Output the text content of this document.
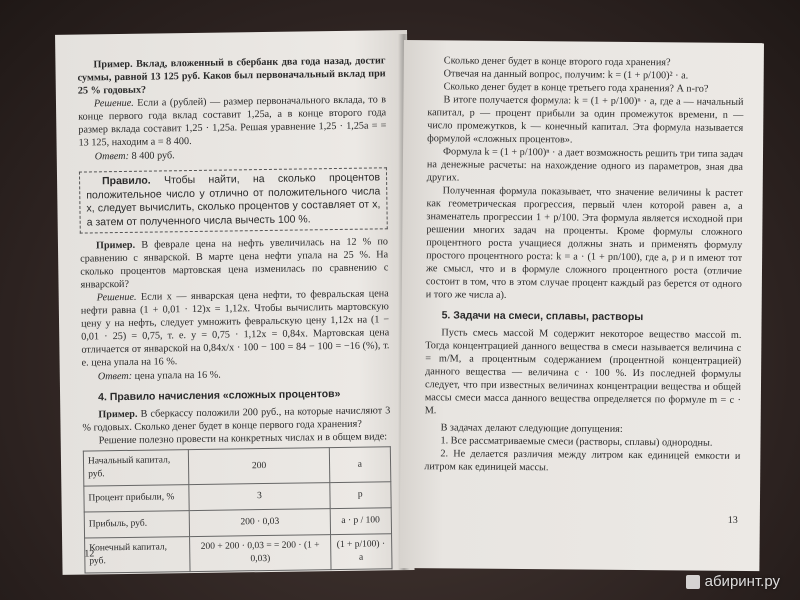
Пример. Вклад, вложенный в сбербанк два года назад, достиг суммы, равной 13 125 руб. Каков был первоначальный вклад при 25 % годовых?

Решение. Если a (рублей) — размер первоначального вклада, то в конце первого года вклад составит 1,25a, а в конце второго года размер вклада составит 1,25 · 1,25a. Решая уравнение 1,25 · 1,25a = = 13 125, находим a = 8 400.

Ответ: 8 400 руб.

Правило. Чтобы найти, на сколько процентов положительное число y отлично от положительного числа x, следует вычислить, сколько процентов y составляет от x, а затем от полученного числа вычесть 100 %.

Пример. В феврале цена на нефть увеличилась на 12 % по сравнению с январской. В марте цена нефти упала на 25 %. На сколько процентов мартовская цена изменилась по сравнению с январской?

Решение. Если x — январская цена нефти, то февральская цена нефти равна (1 + 0,01 · 12)x = 1,12x. Чтобы вычислить мартовскую цену y на нефть, следует умножить февральскую цену 1,12x на (1 − 0,01 · 25) = 0,75, т. е. y = 0,75 · 1,12x = 0,84x. Мартовская цена отличается от январской на 0,84x/x · 100 − 100 = 84 − 100 = −16 (%), т. е. цена упала на 16 %.

Ответ: цена упала на 16 %.

4. Правило начисления «сложных процентов»

Пример. В сберкассу положили 200 руб., на которые начисляют 3 % годовых. Сколько денег будет в конце первого года хранения?

Решение полезно провести на конкретных числах и в общем виде:

Начальный капитал, руб.	200	a
Процент прибыли, %	3	p
Прибыль, руб.	200 · 0,03	a · p / 100
Конечный капитал, руб.	200 + 200 · 0,03 = = 200 · (1 + 0,03)	(1 + p/100) · a
12

Сколько денег будет в конце второго года хранения?

Отвечая на данный вопрос, получим: k = (1 + p/100)² · a.

Сколько денег будет в конце третьего года хранения? А n-го?

В итоге получается формула: k = (1 + p/100)ⁿ · a, где a — начальный капитал, p — процент прибыли за один промежуток времени, n — число промежутков, k — конечный капитал. Эта формула называется формулой «сложных процентов».

Формула k = (1 + p/100)ⁿ · a дает возможность решить три типа задач на денежные расчеты: на нахождение одного из параметров, зная два других.

Полученная формула показывает, что значение величины k растет как геометрическая прогрессия, первый член которой равен a, а знаменатель прогрессии 1 + p/100. Эта формула является исходной при решении многих задач на проценты. Кроме формулы сложного процентного роста учащиеся должны знать и применять формулу простого процентного роста: k = a · (1 + pn/100), где a, p и n имеют тот же смысл, что и в формуле сложного процентного роста (отличие состоит в том, что в этом случае процент каждый раз берется от одного и того же числа a).

5. Задачи на смеси, сплавы, растворы

Пусть смесь массой M содержит некоторое вещество массой m. Тогда концентрацией данного вещества в смеси называется величина c = m/M, а процентным содержанием (процентной концентрацией) данного вещества — величина c · 100 %. Из последней формулы следует, что при известных величинах концентрации вещества и общей массы смеси масса данного вещества определяется по формуле m = c · M.

В задачах делают следующие допущения:

1. Все рассматриваемые смеси (растворы, сплавы) однородны.

2. Не делается различия между литром как единицей емкости и литром как единицей массы.

13
абиринт.ру
